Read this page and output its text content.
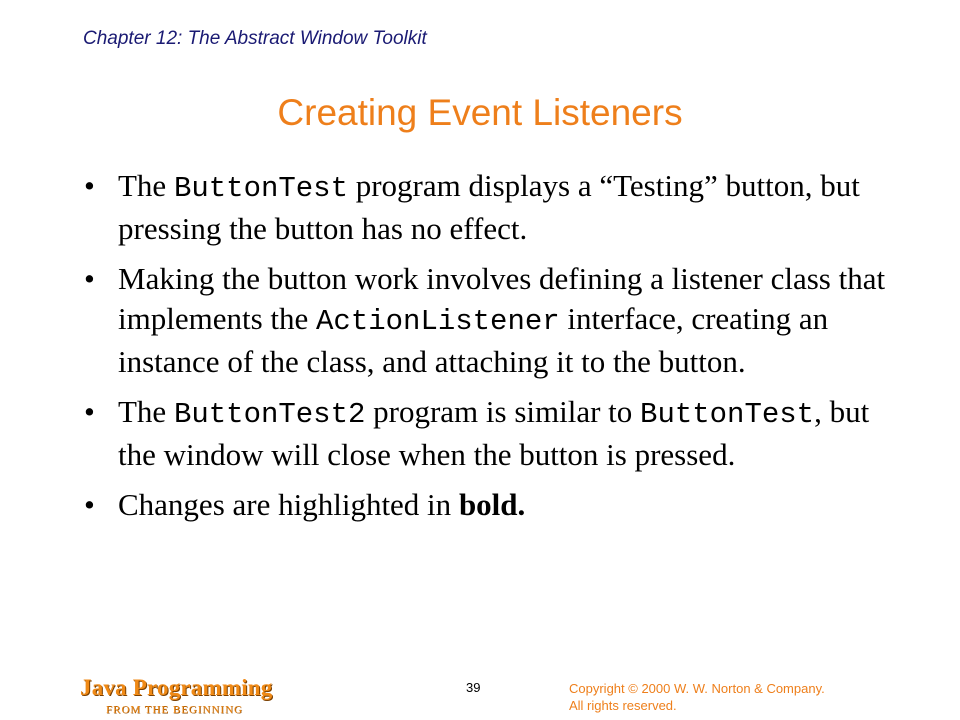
Chapter 12: The Abstract Window Toolkit
Creating Event Listeners
• The ButtonTest program displays a “Testing” button, but pressing the button has no effect.
• Making the button work involves defining a listener class that implements the ActionListener interface, creating an instance of the class, and attaching it to the button.
• The ButtonTest2 program is similar to ButtonTest, but the window will close when the button is pressed.
• Changes are highlighted in bold.
Java Programming
FROM THE BEGINNING
39	Copyright © 2000 W. W. Norton & Company.
All rights reserved.
